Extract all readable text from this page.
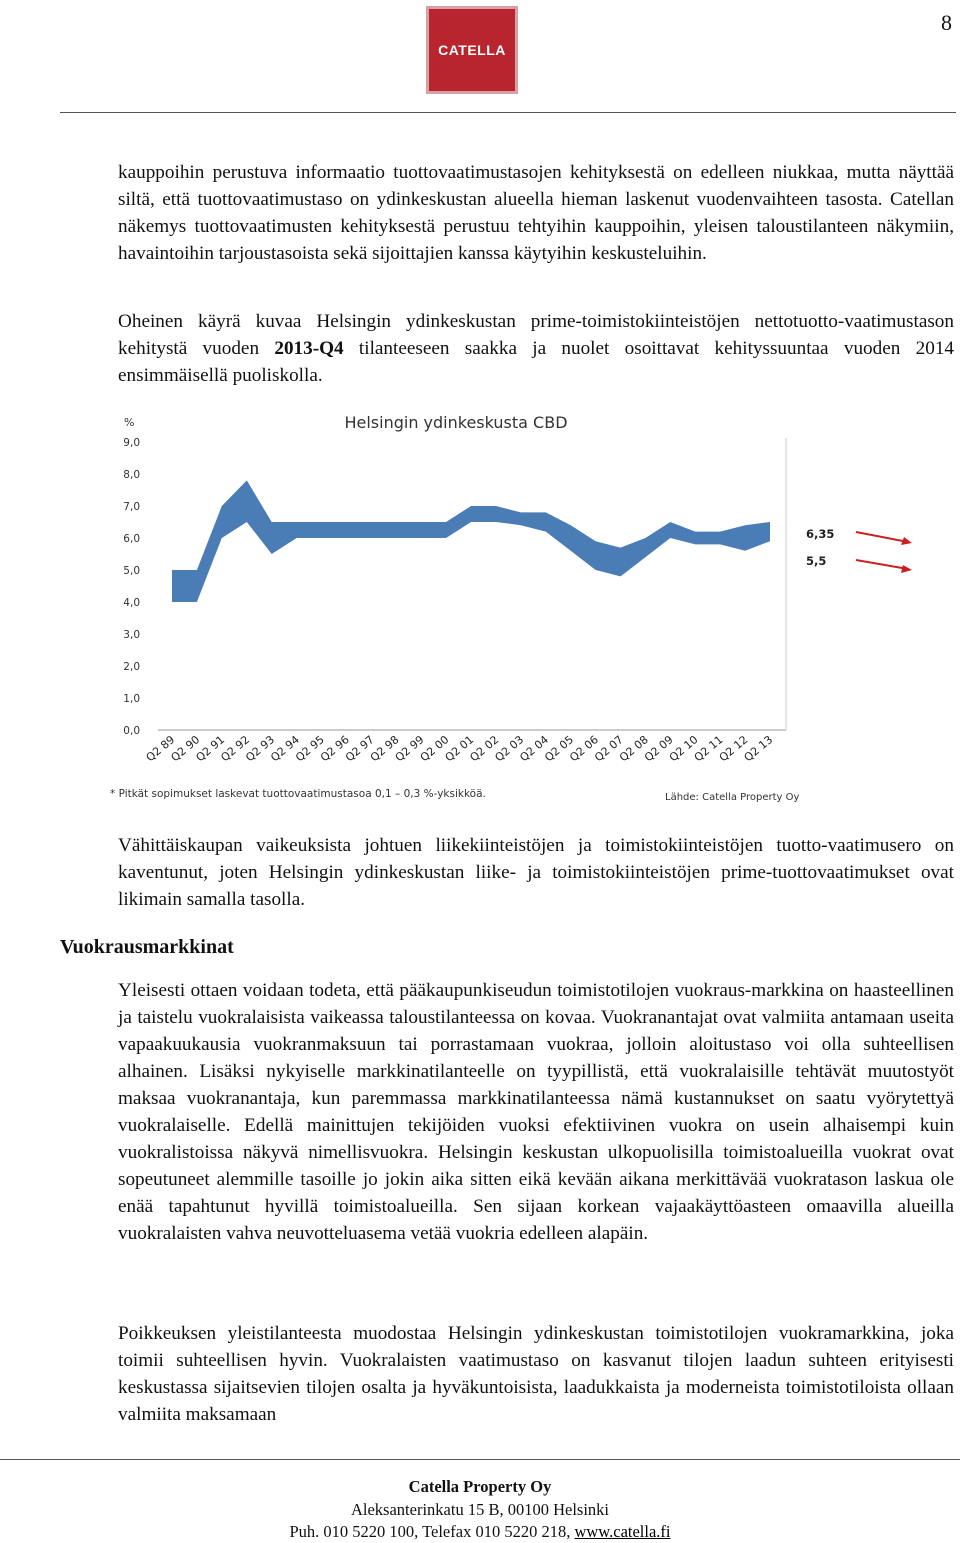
8
CATELLA

kauppoihin perustuva informaatio tuottovaatimustasojen kehityksestä on edelleen niukkaa, mutta näyttää siltä, että tuottovaatimustaso on ydinkeskustan alueella hieman laskenut vuodenvaihteen tasosta. Catellan näkemys tuottovaatimusten kehityksestä perustuu tehtyihin kauppoihin, yleisen taloustilanteen näkymiin, havaintoihin tarjoustasoista sekä sijoittajien kanssa käytyihin keskusteluihin.

Oheinen käyrä kuvaa Helsingin ydinkeskustan prime-toimistokiinteistöjen nettotuotto-vaatimustason kehitystä vuoden 2013-Q4 tilanteeseen saakka ja nuolet osoittavat kehityssuuntaa vuoden 2014 ensimmäisellä puoliskolla.

Helsingin ydinkeskusta CBD
%
9,0
8,0
7,0
6,0
5,0
4,0
3,0
2,0
1,0
0,0
Q2 89
Q2 90
Q2 91
Q2 92
Q2 93
Q2 94
Q2 95
Q2 96
Q2 97
Q2 98
Q2 99
Q2 00
Q2 01
Q2 02
Q2 03
Q2 04
Q2 05
Q2 06
Q2 07
Q2 08
Q2 09
Q2 10
Q2 11
Q2 12
Q2 13
* Pitkät sopimukset laskevat tuottovaatimustasoa 0,1 – 0,3 %-yksikköä.	Lähde: Catella Property Oy
6,35
5,5

Vähittäiskaupan vaikeuksista johtuen liikekiinteistöjen ja toimistokiinteistöjen tuotto-vaatimusero on kaventunut, joten Helsingin ydinkeskustan liike- ja toimistokiinteistöjen prime-tuottovaatimukset ovat likimain samalla tasolla.

Vuokrausmarkkinat

Yleisesti ottaen voidaan todeta, että pääkaupunkiseudun toimistotilojen vuokraus-markkina on haasteellinen ja taistelu vuokralaisista vaikeassa taloustilanteessa on kovaa. Vuokranantajat ovat valmiita antamaan useita vapaakuukausia vuokranmaksuun tai porrastamaan vuokraa, jolloin aloitustaso voi olla suhteellisen alhainen. Lisäksi nykyiselle markkinatilanteelle on tyypillistä, että vuokralaisille tehtävät muutostyöt maksaa vuokranantaja, kun paremmassa markkinatilanteessa nämä kustannukset on saatu vyörytettyä vuokralaiselle. Edellä mainittujen tekijöiden vuoksi efektiivinen vuokra on usein alhaisempi kuin vuokralistoissa näkyvä nimellisvuokra. Helsingin keskustan ulkopuolisilla toimistoalueilla vuokrat ovat sopeutuneet alemmille tasoille jo jokin aika sitten eikä kevään aikana merkittävää vuokratason laskua ole enää tapahtunut hyvillä toimistoalueilla. Sen sijaan korkean vajaakäyttöasteen omaavilla alueilla vuokralaisten vahva neuvotteluasema vetää vuokria edelleen alapäin.

Poikkeuksen yleistilanteesta muodostaa Helsingin ydinkeskustan toimistotilojen vuokramarkkina, joka toimii suhteellisen hyvin. Vuokralaisten vaatimustaso on kasvanut tilojen laadun suhteen erityisesti keskustassa sijaitsevien tilojen osalta ja hyväkuntoisista, laadukkaista ja moderneista toimistotiloista ollaan valmiita maksamaan

Catella Property Oy
Aleksanterinkatu 15 B, 00100 Helsinki
Puh. 010 5220 100, Telefax 010 5220 218, www.catella.fi
